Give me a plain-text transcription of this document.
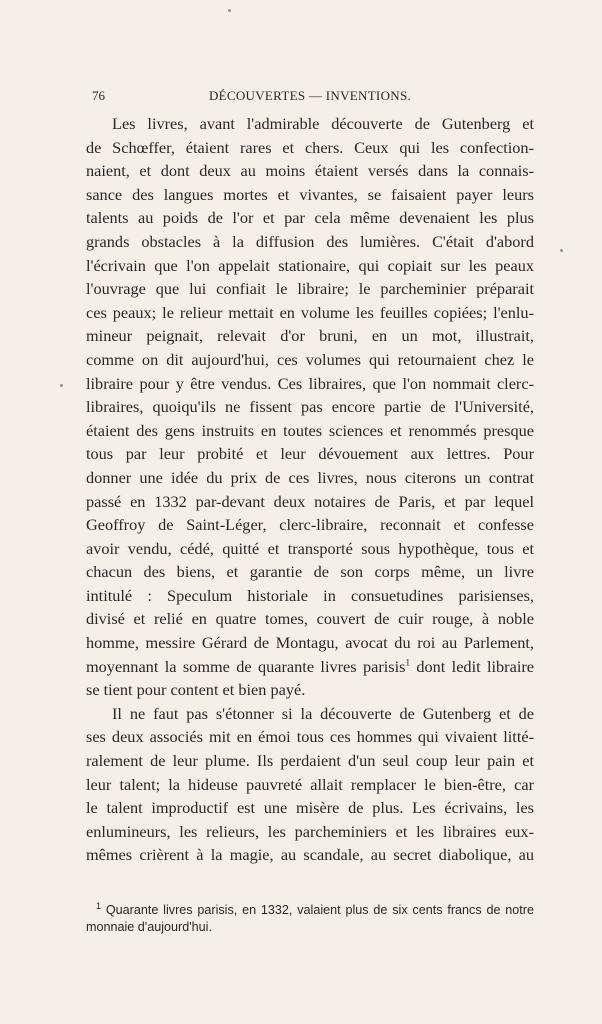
76	DÉCOUVERTES — INVENTIONS.
Les livres, avant l'admirable découverte de Gutenberg et
de Schœffer, étaient rares et chers. Ceux qui les confection-
naient, et dont deux au moins étaient versés dans la connais-
sance des langues mortes et vivantes, se faisaient payer leurs
talents au poids de l'or et par cela même devenaient les plus
grands obstacles à la diffusion des lumières. C'était d'abord
l'écrivain que l'on appelait stationaire, qui copiait sur les peaux
l'ouvrage que lui confiait le libraire; le parcheminier préparait
ces peaux; le relieur mettait en volume les feuilles copiées; l'enlu-
mineur peignait, relevait d'or bruni, en un mot, illustrait,
comme on dit aujourd'hui, ces volumes qui retournaient chez le
libraire pour y être vendus. Ces libraires, que l'on nommait clerc-
libraires, quoiqu'ils ne fissent pas encore partie de l'Université,
étaient des gens instruits en toutes sciences et renommés presque
tous par leur probité et leur dévouement aux lettres. Pour
donner une idée du prix de ces livres, nous citerons un contrat
passé en 1332 par-devant deux notaires de Paris, et par lequel
Geoffroy de Saint-Léger, clerc-libraire, reconnait et confesse
avoir vendu, cédé, quitté et transporté sous hypothèque, tous et
chacun des biens, et garantie de son corps même, un livre
intitulé : Speculum historiale in consuetudines parisienses,
divisé et relié en quatre tomes, couvert de cuir rouge, à noble
homme, messire Gérard de Montagu, avocat du roi au Parlement,
moyennant la somme de quarante livres parisis$^1$ dont ledit libraire
se tient pour content et bien payé.
Il ne faut pas s'étonner si la découverte de Gutenberg et de
ses deux associés mit en émoi tous ces hommes qui vivaient litté-
ralement de leur plume. Ils perdaient d'un seul coup leur pain et
leur talent; la hideuse pauvreté allait remplacer le bien-être, car
le talent improductif est une misère de plus. Les écrivains, les
enlumineurs, les relieurs, les parcheminiers et les libraires eux-
mêmes crièrent à la magie, au scandale, au secret diabolique, au
$^1$ Quarante livres parisis, en 1332, valaient plus de six cents francs de notre
monnaie d'aujourd'hui.
